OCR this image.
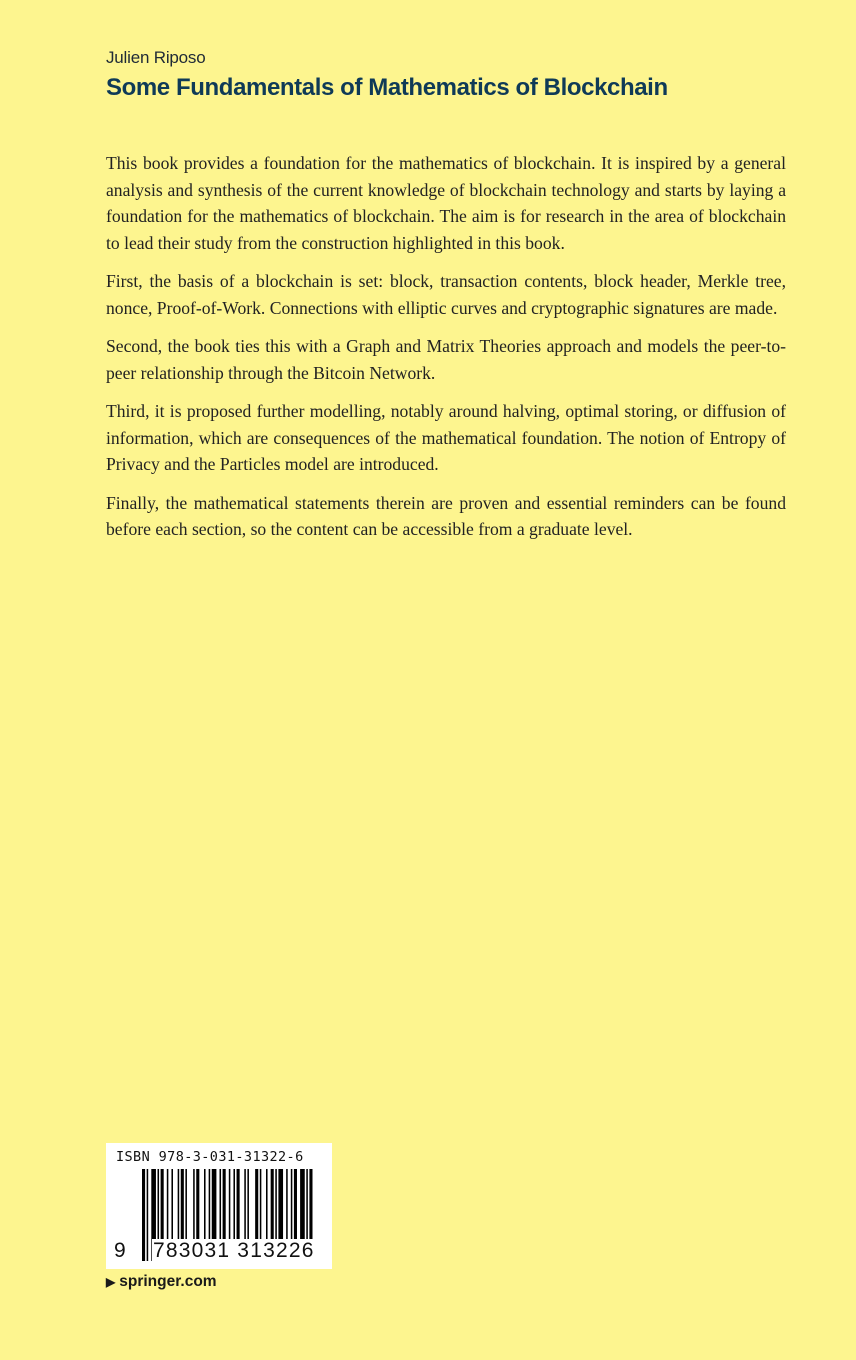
Julien Riposo
Some Fundamentals of Mathematics of Blockchain

This book provides a foundation for the mathematics of blockchain. It is inspired by a general analysis and synthesis of the current knowledge of blockchain technology and starts by laying a foundation for the mathematics of blockchain. The aim is for research in the area of blockchain to lead their study from the construction highlighted in this book.

First, the basis of a blockchain is set: block, transaction contents, block header, Merkle tree, nonce, Proof-of-Work. Connections with elliptic curves and cryptographic signatures are made.

Second, the book ties this with a Graph and Matrix Theories approach and models the peer-to-peer relationship through the Bitcoin Network.

Third, it is proposed further modelling, notably around halving, optimal storing, or diffusion of information, which are consequences of the mathematical foundation. The notion of Entropy of Privacy and the Particles model are introduced.

Finally, the mathematical statements therein are proven and essential reminders can be found before each section, so the content can be accessible from a graduate level.

ISBN 978-3-031-31322-6
9 783031 313226
▶ springer.com
